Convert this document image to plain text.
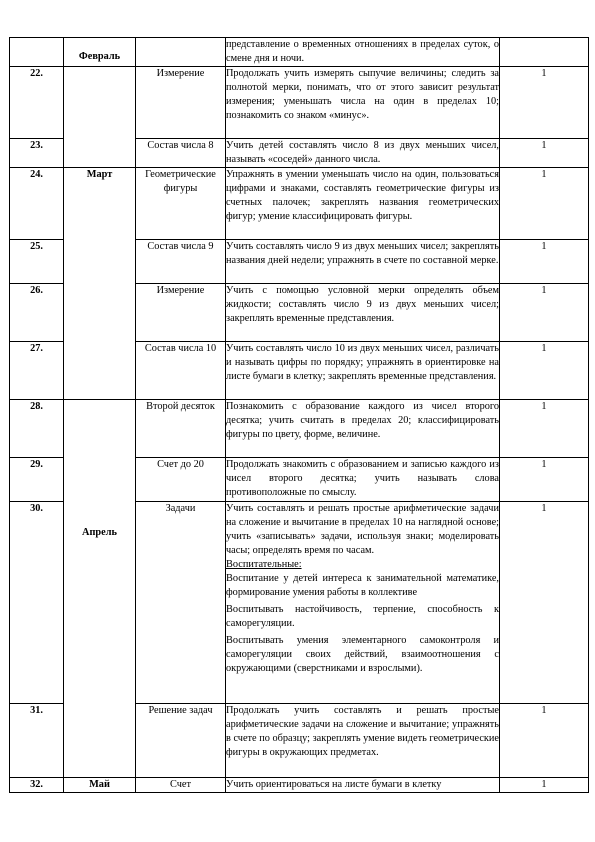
	Февраль		представление о временных отношениях в пределах суток, о смене дня и ночи.	
22.		Измерение	Продолжать учить измерять сыпучие величины; следить за полнотой мерки, понимать, что от этого зависит результат измерения; уменьшать числа на один в пределах 10; познакомить со знаком «минус».	1
23.		Состав числа 8	Учить детей составлять число 8 из двух меньших чисел, называть «соседей» данного числа.	1
24.	Март	Геометрические фигуры	Упражнять в умении уменьшать число на один, пользоваться цифрами и знаками, составлять геометрические фигуры из счетных палочек; закреплять названия геометрических фигур; умение классифицировать фигуры.	1
25.		Состав числа 9	Учить составлять число 9 из двух меньших чисел; закреплять названия дней недели; упражнять в счете по составной мерке.	1
26.		Измерение	Учить с помощью условной мерки определять объем жидкости; составлять число 9 из двух меньших чисел; закреплять временные представления.	1
27.		Состав числа 10	Учить составлять число 10 из двух меньших чисел, различать и называть цифры по порядку; упражнять в ориентировке на листе бумаги в клетку; закреплять временные представления.	1
28.	Апрель	Второй десяток	Познакомить с образование каждого из чисел второго десятка; учить считать в пределах 20; классифицировать фигуры по цвету, форме, величине.	1
29.		Счет до 20	Продолжать знакомить с образованием и записью каждого из чисел второго десятка; учить называть слова противоположные по смыслу.	1
30.		Задачи	Учить составлять и решать простые арифметические задачи на сложение и вычитание в пределах 10 на наглядной основе; учить «записывать» задачи, используя знаки; моделировать часы; определять время по часам.
Воспитательные:
Воспитание у детей интереса к занимательной математике, формирование умения работы в коллективе
Воспитывать настойчивость, терпение, способность к саморегуляции.
Воспитывать умения элементарного самоконтроля и саморегуляции своих действий, взаимоотношения с окружающими (сверстниками и взрослыми).	1
31.		Решение задач	Продолжать учить составлять и решать простые арифметические задачи на сложение и вычитание; упражнять в счете по образцу; закреплять умение видеть геометрические фигуры в окружающих предметах.	1
32.	Май	Счет	Учить ориентироваться на листе бумаги в клетку	1
